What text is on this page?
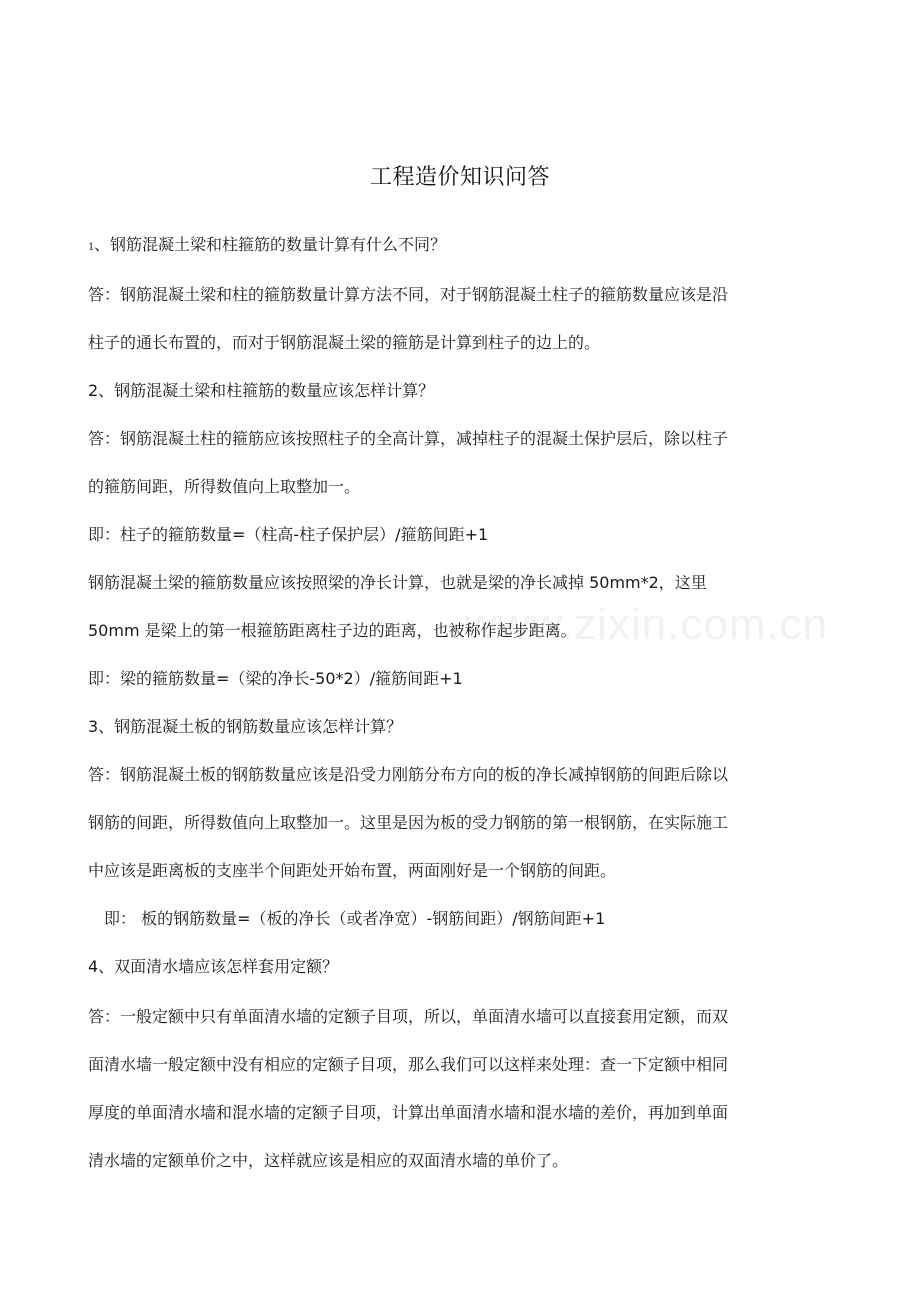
www.zixin.com.cn
工程造价知识问答
1、钢筋混凝土梁和柱箍筋的数量计算有什么不同？
答：钢筋混凝土梁和柱的箍筋数量计算方法不同，对于钢筋混凝土柱子的箍筋数量应该是沿
柱子的通长布置的，而对于钢筋混凝土梁的箍筋是计算到柱子的边上的。
2、钢筋混凝土梁和柱箍筋的数量应该怎样计算？
答：钢筋混凝土柱的箍筋应该按照柱子的全高计算，减掉柱子的混凝土保护层后，除以柱子
的箍筋间距，所得数值向上取整加一。
即：柱子的箍筋数量=（柱高-柱子保护层）/箍筋间距+1
钢筋混凝土梁的箍筋数量应该按照梁的净长计算，也就是梁的净长减掉 50mm*2，这里
50mm 是梁上的第一根箍筋距离柱子边的距离，也被称作起步距离。
即：梁的箍筋数量=（梁的净长-50*2）/箍筋间距+1
3、钢筋混凝土板的钢筋数量应该怎样计算？
答：钢筋混凝土板的钢筋数量应该是沿受力刚筋分布方向的板的净长减掉钢筋的间距后除以
钢筋的间距，所得数值向上取整加一。这里是因为板的受力钢筋的第一根钢筋，在实际施工
中应该是距离板的支座半个间距处开始布置，两面刚好是一个钢筋的间距。
即： 板的钢筋数量=（板的净长（或者净宽）-钢筋间距）/钢筋间距+1
4、双面清水墙应该怎样套用定额？
答：一般定额中只有单面清水墙的定额子目项，所以，单面清水墙可以直接套用定额，而双
面清水墙一般定额中没有相应的定额子目项，那么我们可以这样来处理：查一下定额中相同
厚度的单面清水墙和混水墙的定额子目项，计算出单面清水墙和混水墙的差价，再加到单面
清水墙的定额单价之中，这样就应该是相应的双面清水墙的单价了。
